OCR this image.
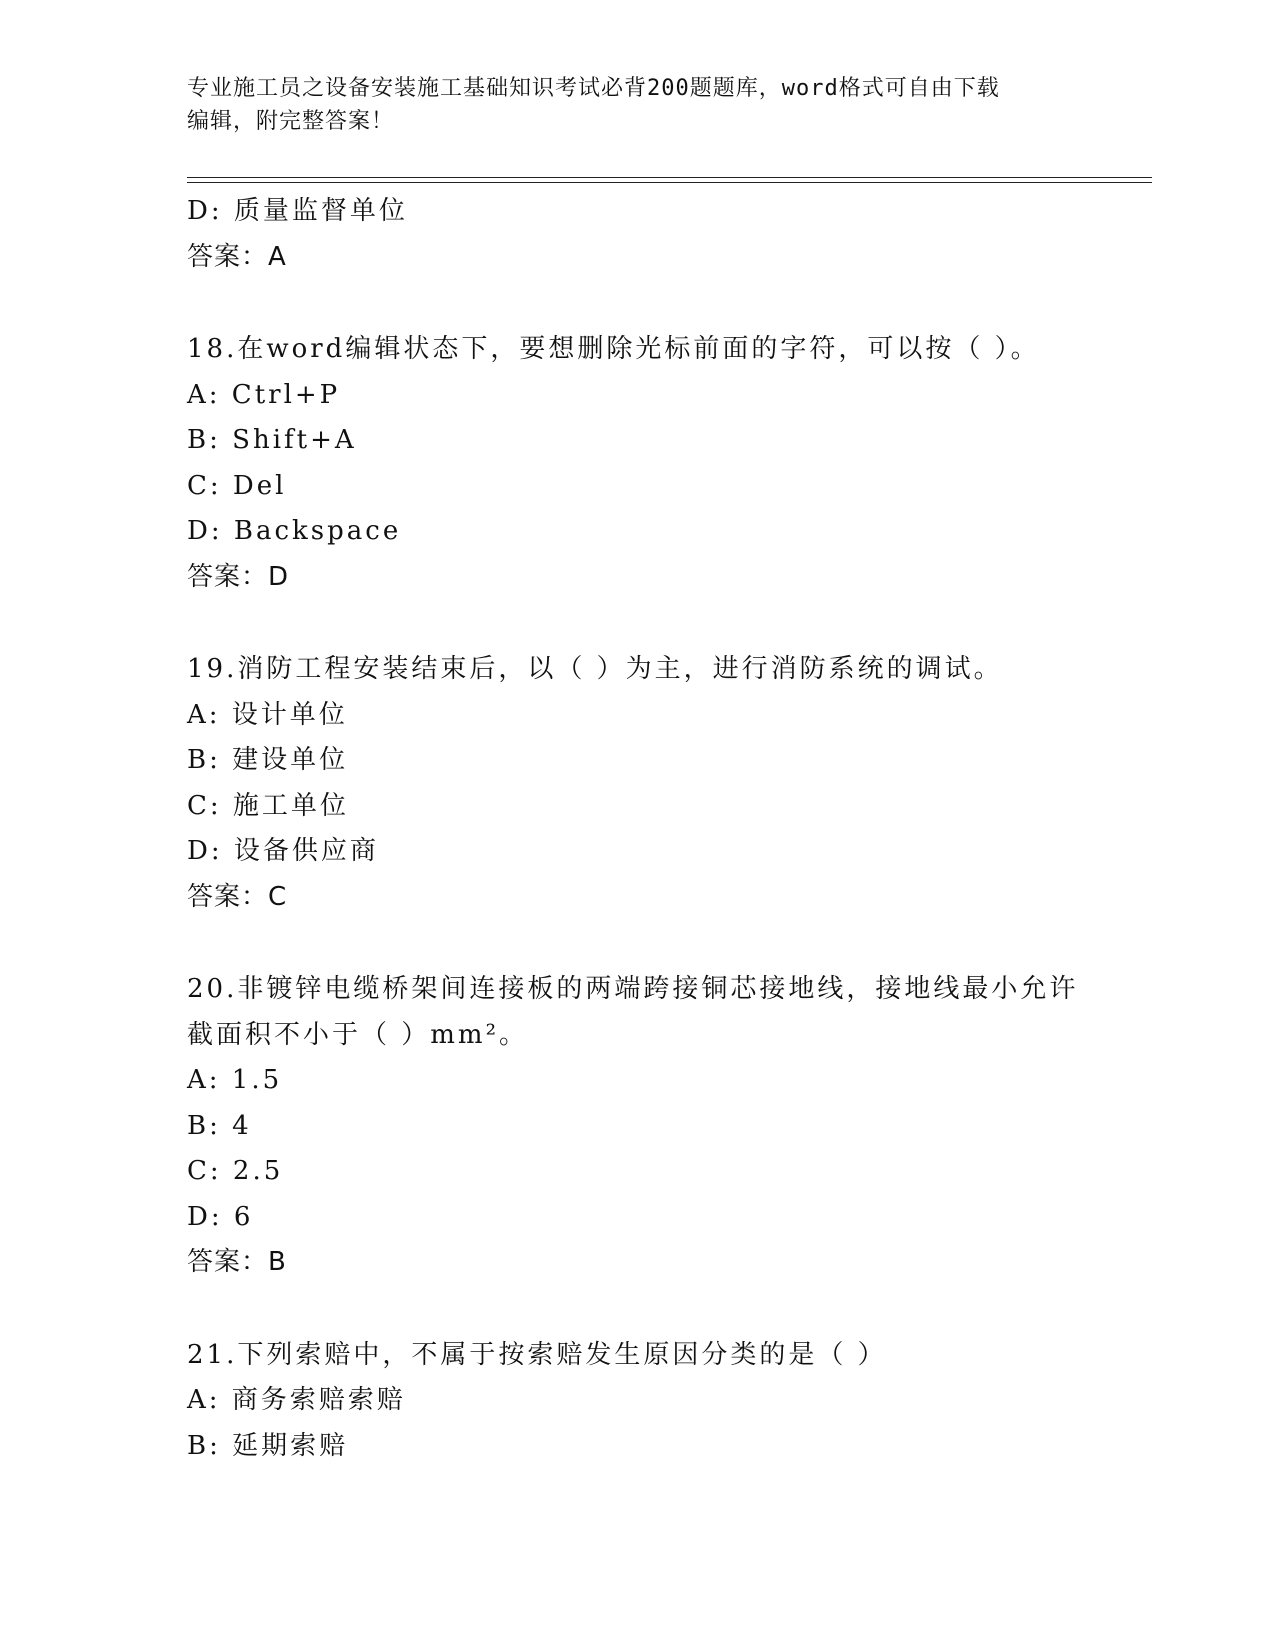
专业施工员之设备安装施工基础知识考试必背200题题库，word格式可自由下载
编辑，附完整答案！
D: 质量监督单位
答案：A
18.在word编辑状态下，要想删除光标前面的字符，可以按（ ）。
A: Ctrl+P
B: Shift+A
C: Del
D: Backspace
答案：D
19.消防工程安装结束后，以（ ）为主，进行消防系统的调试。
A: 设计单位
B: 建设单位
C: 施工单位
D: 设备供应商
答案：C
20.非镀锌电缆桥架间连接板的两端跨接铜芯接地线，接地线最小允许
截面积不小于（ ）mm²。
A: 1.5
B: 4
C: 2.5
D: 6
答案：B
21.下列索赔中，不属于按索赔发生原因分类的是（ ）
A: 商务索赔索赔
B: 延期索赔
